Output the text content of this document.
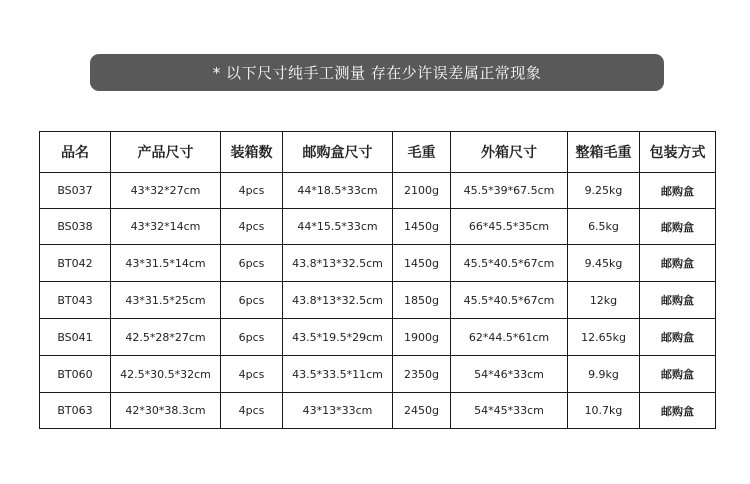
* 以下尺寸纯手工测量 存在少许误差属正常现象
品名	产品尺寸	装箱数	邮购盒尺寸	毛重	外箱尺寸	整箱毛重	包装方式
BS037	43*32*27cm	4pcs	44*18.5*33cm	2100g	45.5*39*67.5cm	9.25kg	邮购盒
BS038	43*32*14cm	4pcs	44*15.5*33cm	1450g	66*45.5*35cm	6.5kg	邮购盒
BT042	43*31.5*14cm	6pcs	43.8*13*32.5cm	1450g	45.5*40.5*67cm	9.45kg	邮购盒
BT043	43*31.5*25cm	6pcs	43.8*13*32.5cm	1850g	45.5*40.5*67cm	12kg	邮购盒
BS041	42.5*28*27cm	6pcs	43.5*19.5*29cm	1900g	62*44.5*61cm	12.65kg	邮购盒
BT060	42.5*30.5*32cm	4pcs	43.5*33.5*11cm	2350g	54*46*33cm	9.9kg	邮购盒
BT063	42*30*38.3cm	4pcs	43*13*33cm	2450g	54*45*33cm	10.7kg	邮购盒
